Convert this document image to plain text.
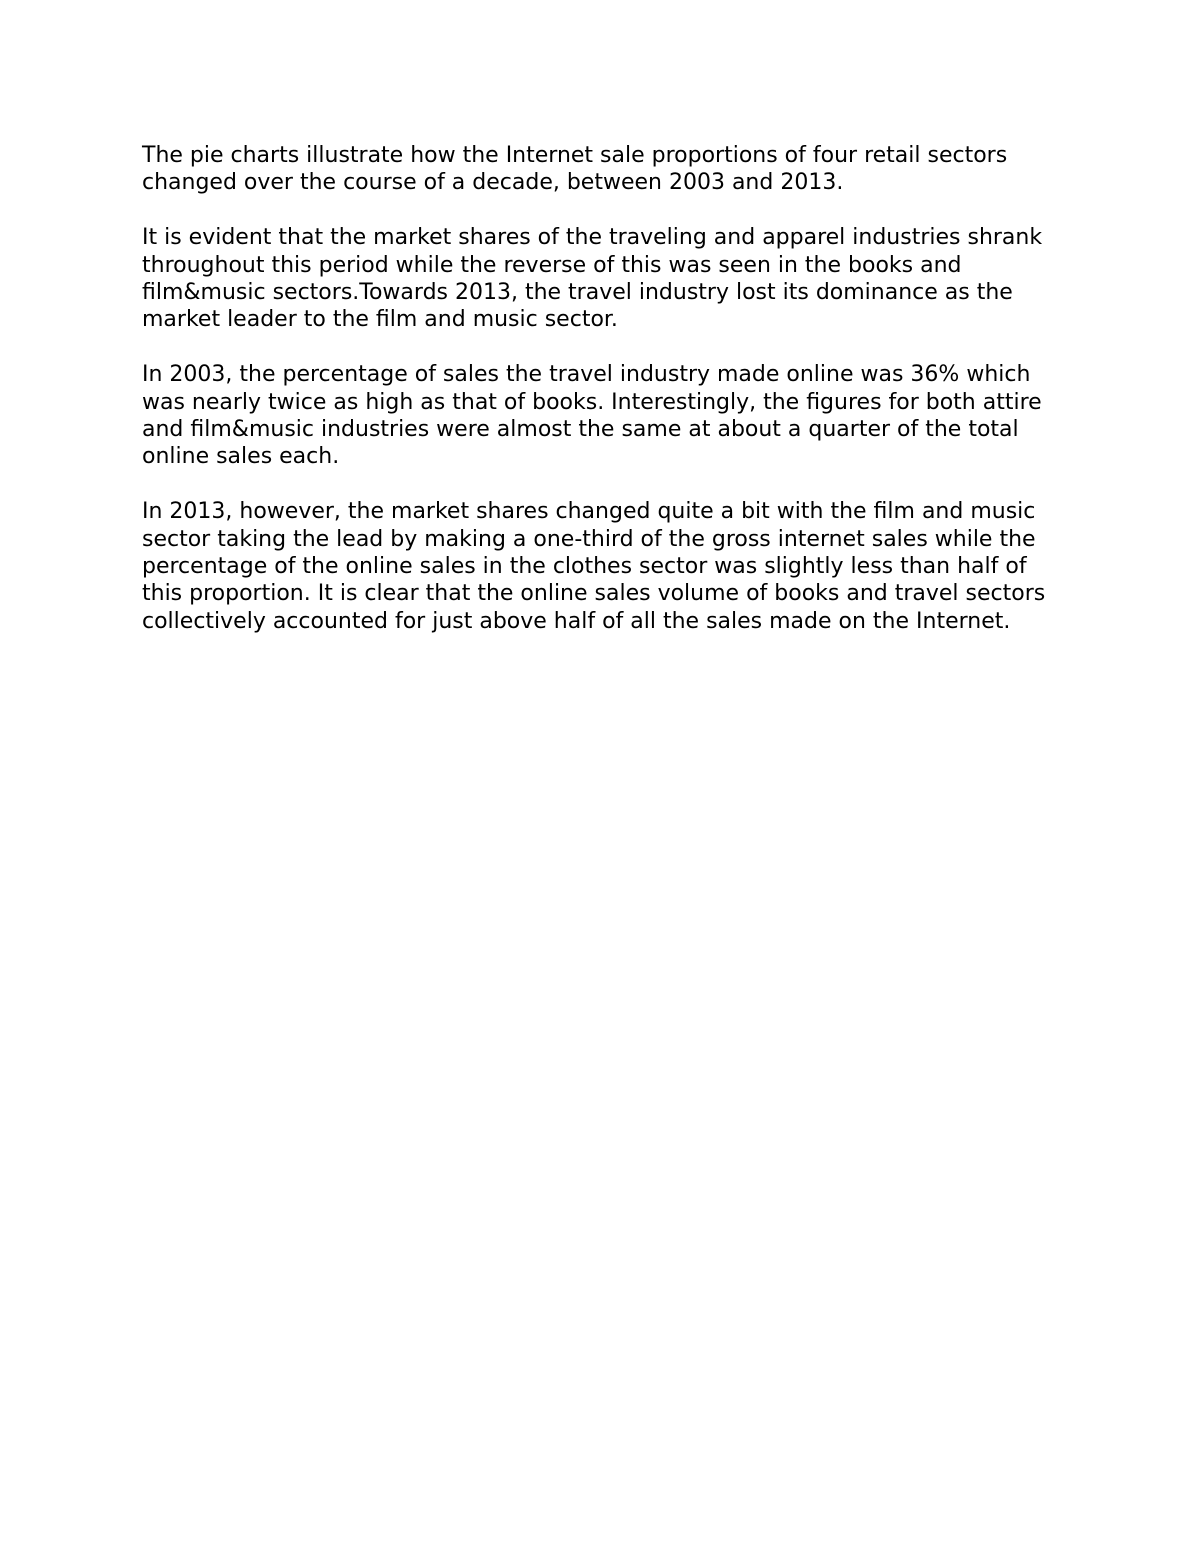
The pie charts illustrate how the Internet sale proportions of four retail sectors changed over the course of a decade, between 2003 and 2013.

It is evident that the market shares of the traveling and apparel industries shrank throughout this period while the reverse of this was seen in the books and film&music sectors.Towards 2013, the travel industry lost its dominance as the market leader to the film and music sector.

In 2003, the percentage of sales the travel industry made online was 36% which was nearly twice as high as that of books. Interestingly, the figures for both attire and film&music industries were almost the same at about a quarter of the total online sales each.

In 2013, however, the market shares changed quite a bit with the film and music sector taking the lead by making a one-third of the gross internet sales while the percentage of the online sales in the clothes sector was slightly less than half of this proportion. It is clear that the online sales volume of books and travel sectors collectively accounted for just above half of all the sales made on the Internet.
